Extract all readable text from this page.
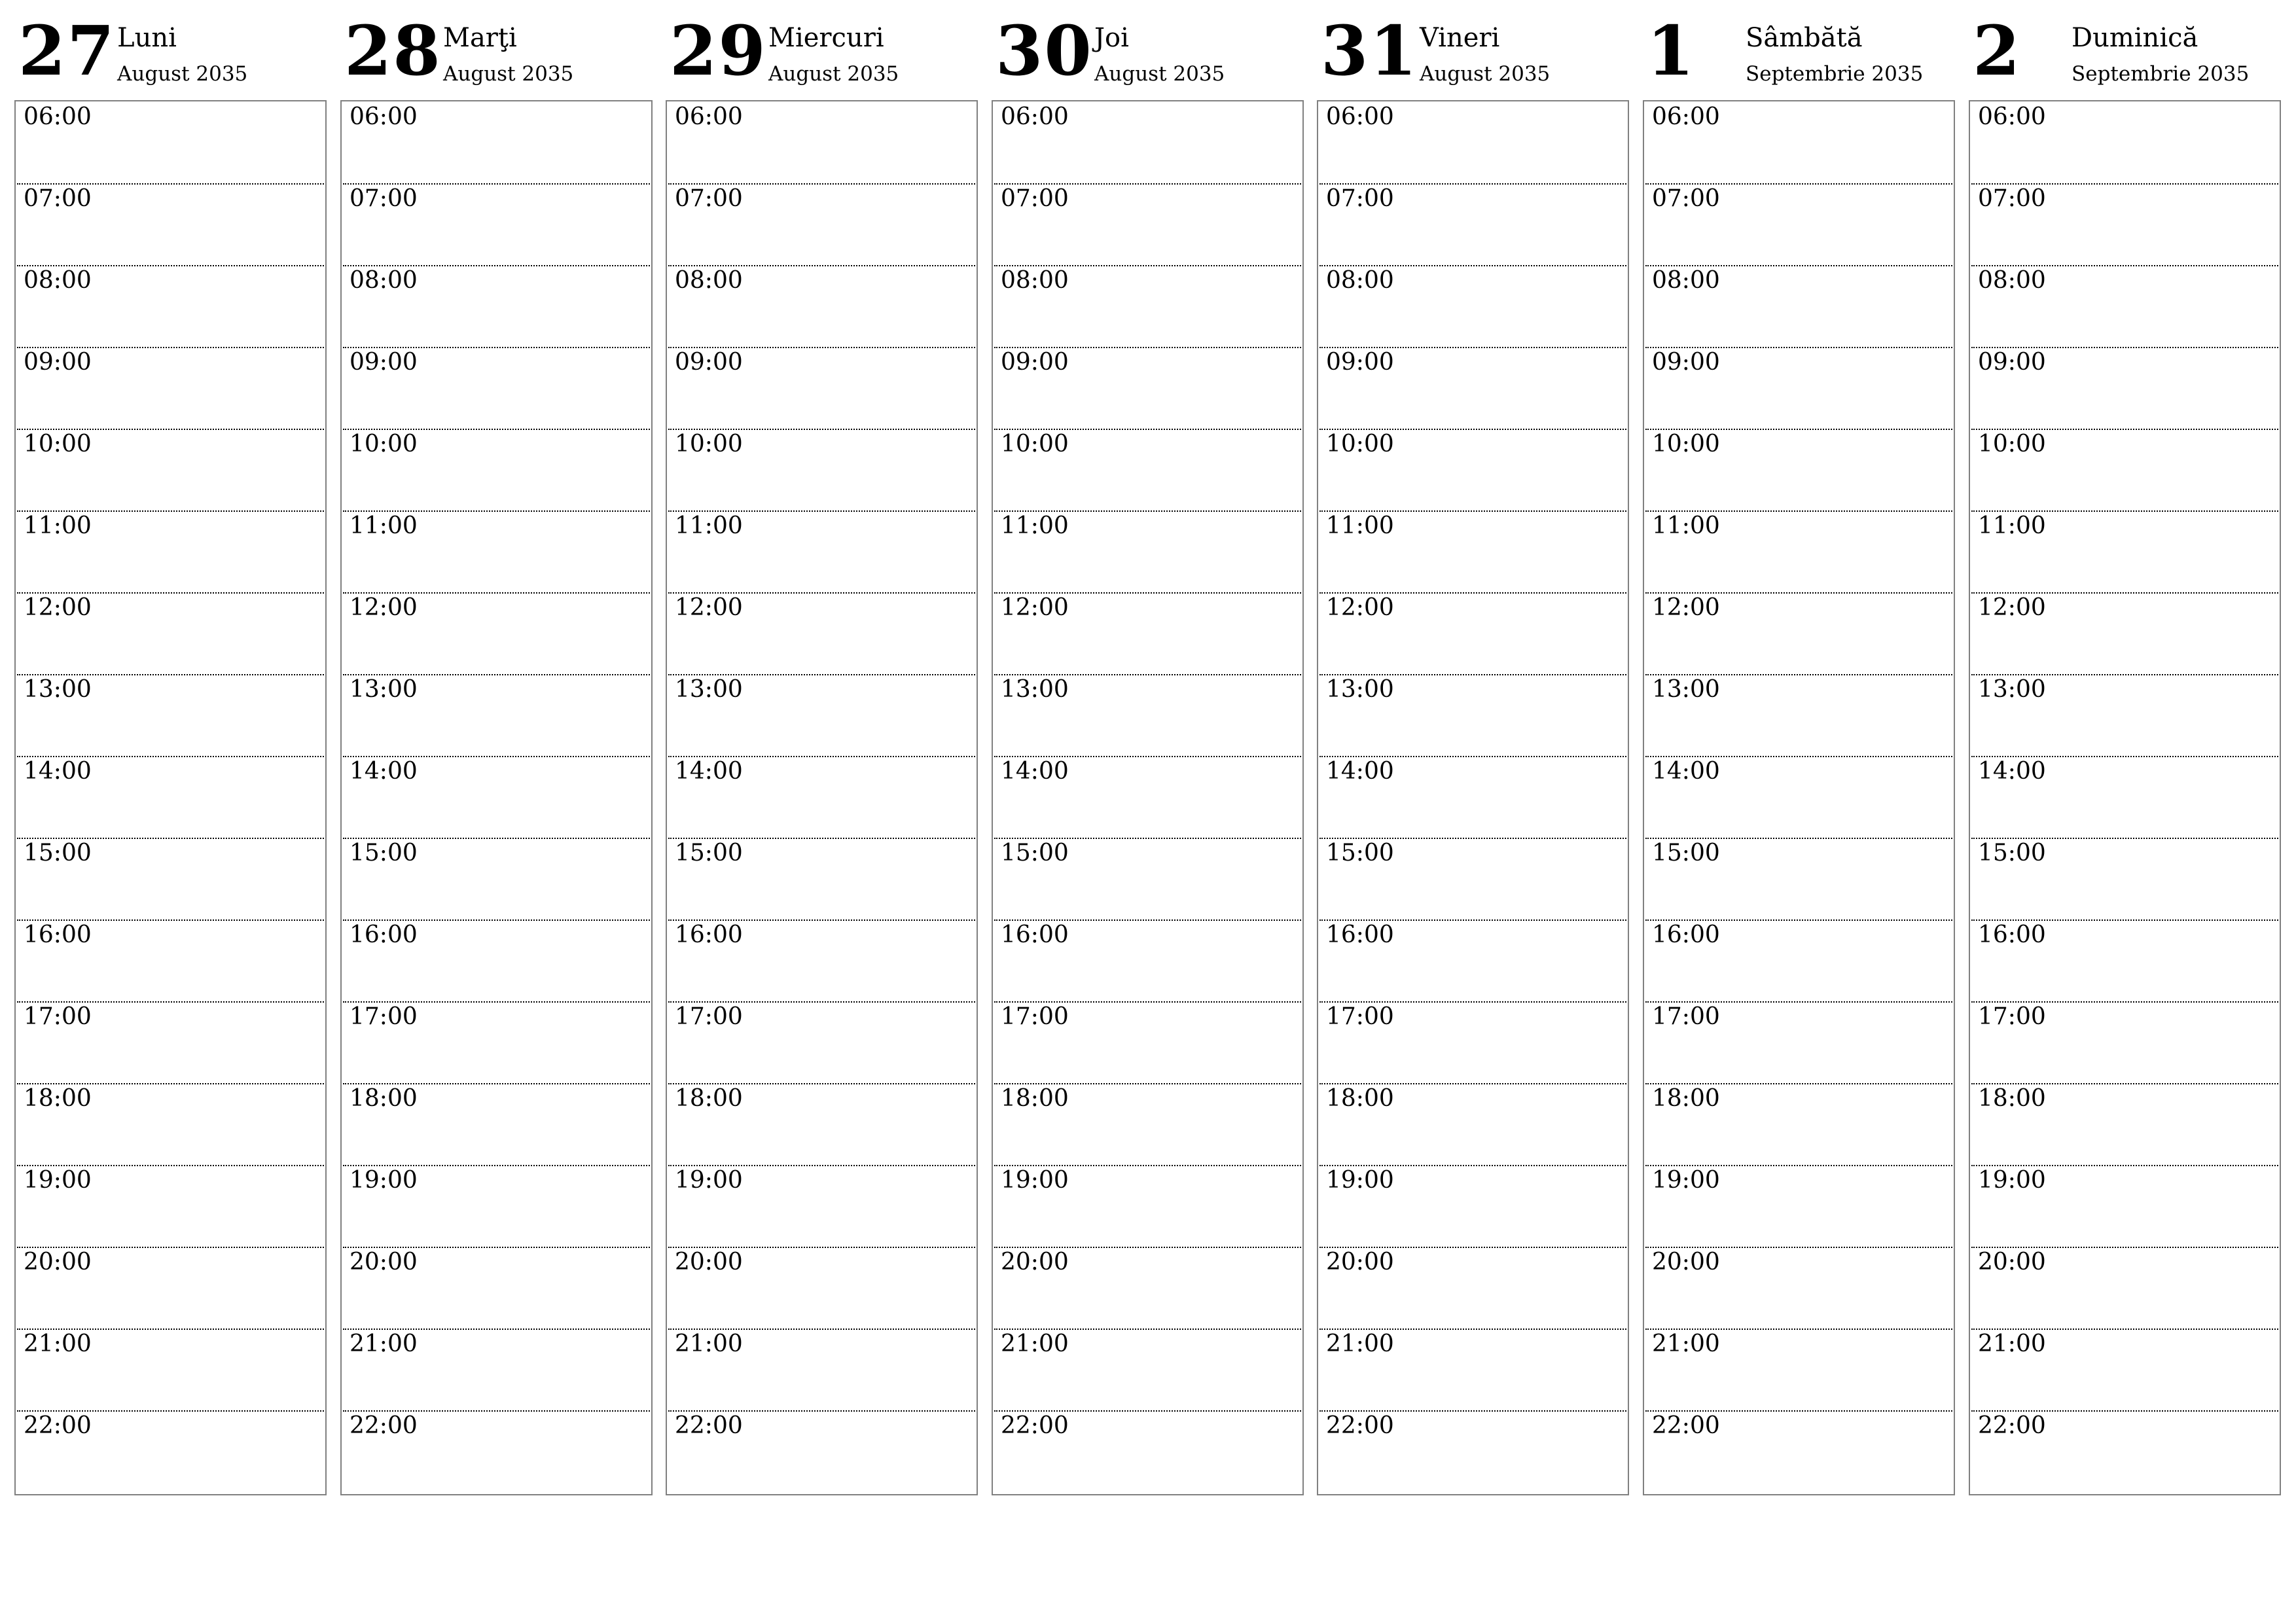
27 Luni
August 2035
06:00
07:00
08:00
09:00
10:00
11:00
12:00
13:00
14:00
15:00
16:00
17:00
18:00
19:00
20:00
21:00
22:00
28 Marţi
August 2035
06:00
07:00
08:00
09:00
10:00
11:00
12:00
13:00
14:00
15:00
16:00
17:00
18:00
19:00
20:00
21:00
22:00
29 Miercuri
August 2035
06:00
07:00
08:00
09:00
10:00
11:00
12:00
13:00
14:00
15:00
16:00
17:00
18:00
19:00
20:00
21:00
22:00
30 Joi
August 2035
06:00
07:00
08:00
09:00
10:00
11:00
12:00
13:00
14:00
15:00
16:00
17:00
18:00
19:00
20:00
21:00
22:00
31 Vineri
August 2035
06:00
07:00
08:00
09:00
10:00
11:00
12:00
13:00
14:00
15:00
16:00
17:00
18:00
19:00
20:00
21:00
22:00
1 Sâmbătă
Septembrie 2035
06:00
07:00
08:00
09:00
10:00
11:00
12:00
13:00
14:00
15:00
16:00
17:00
18:00
19:00
20:00
21:00
22:00
2 Duminică
Septembrie 2035
06:00
07:00
08:00
09:00
10:00
11:00
12:00
13:00
14:00
15:00
16:00
17:00
18:00
19:00
20:00
21:00
22:00
